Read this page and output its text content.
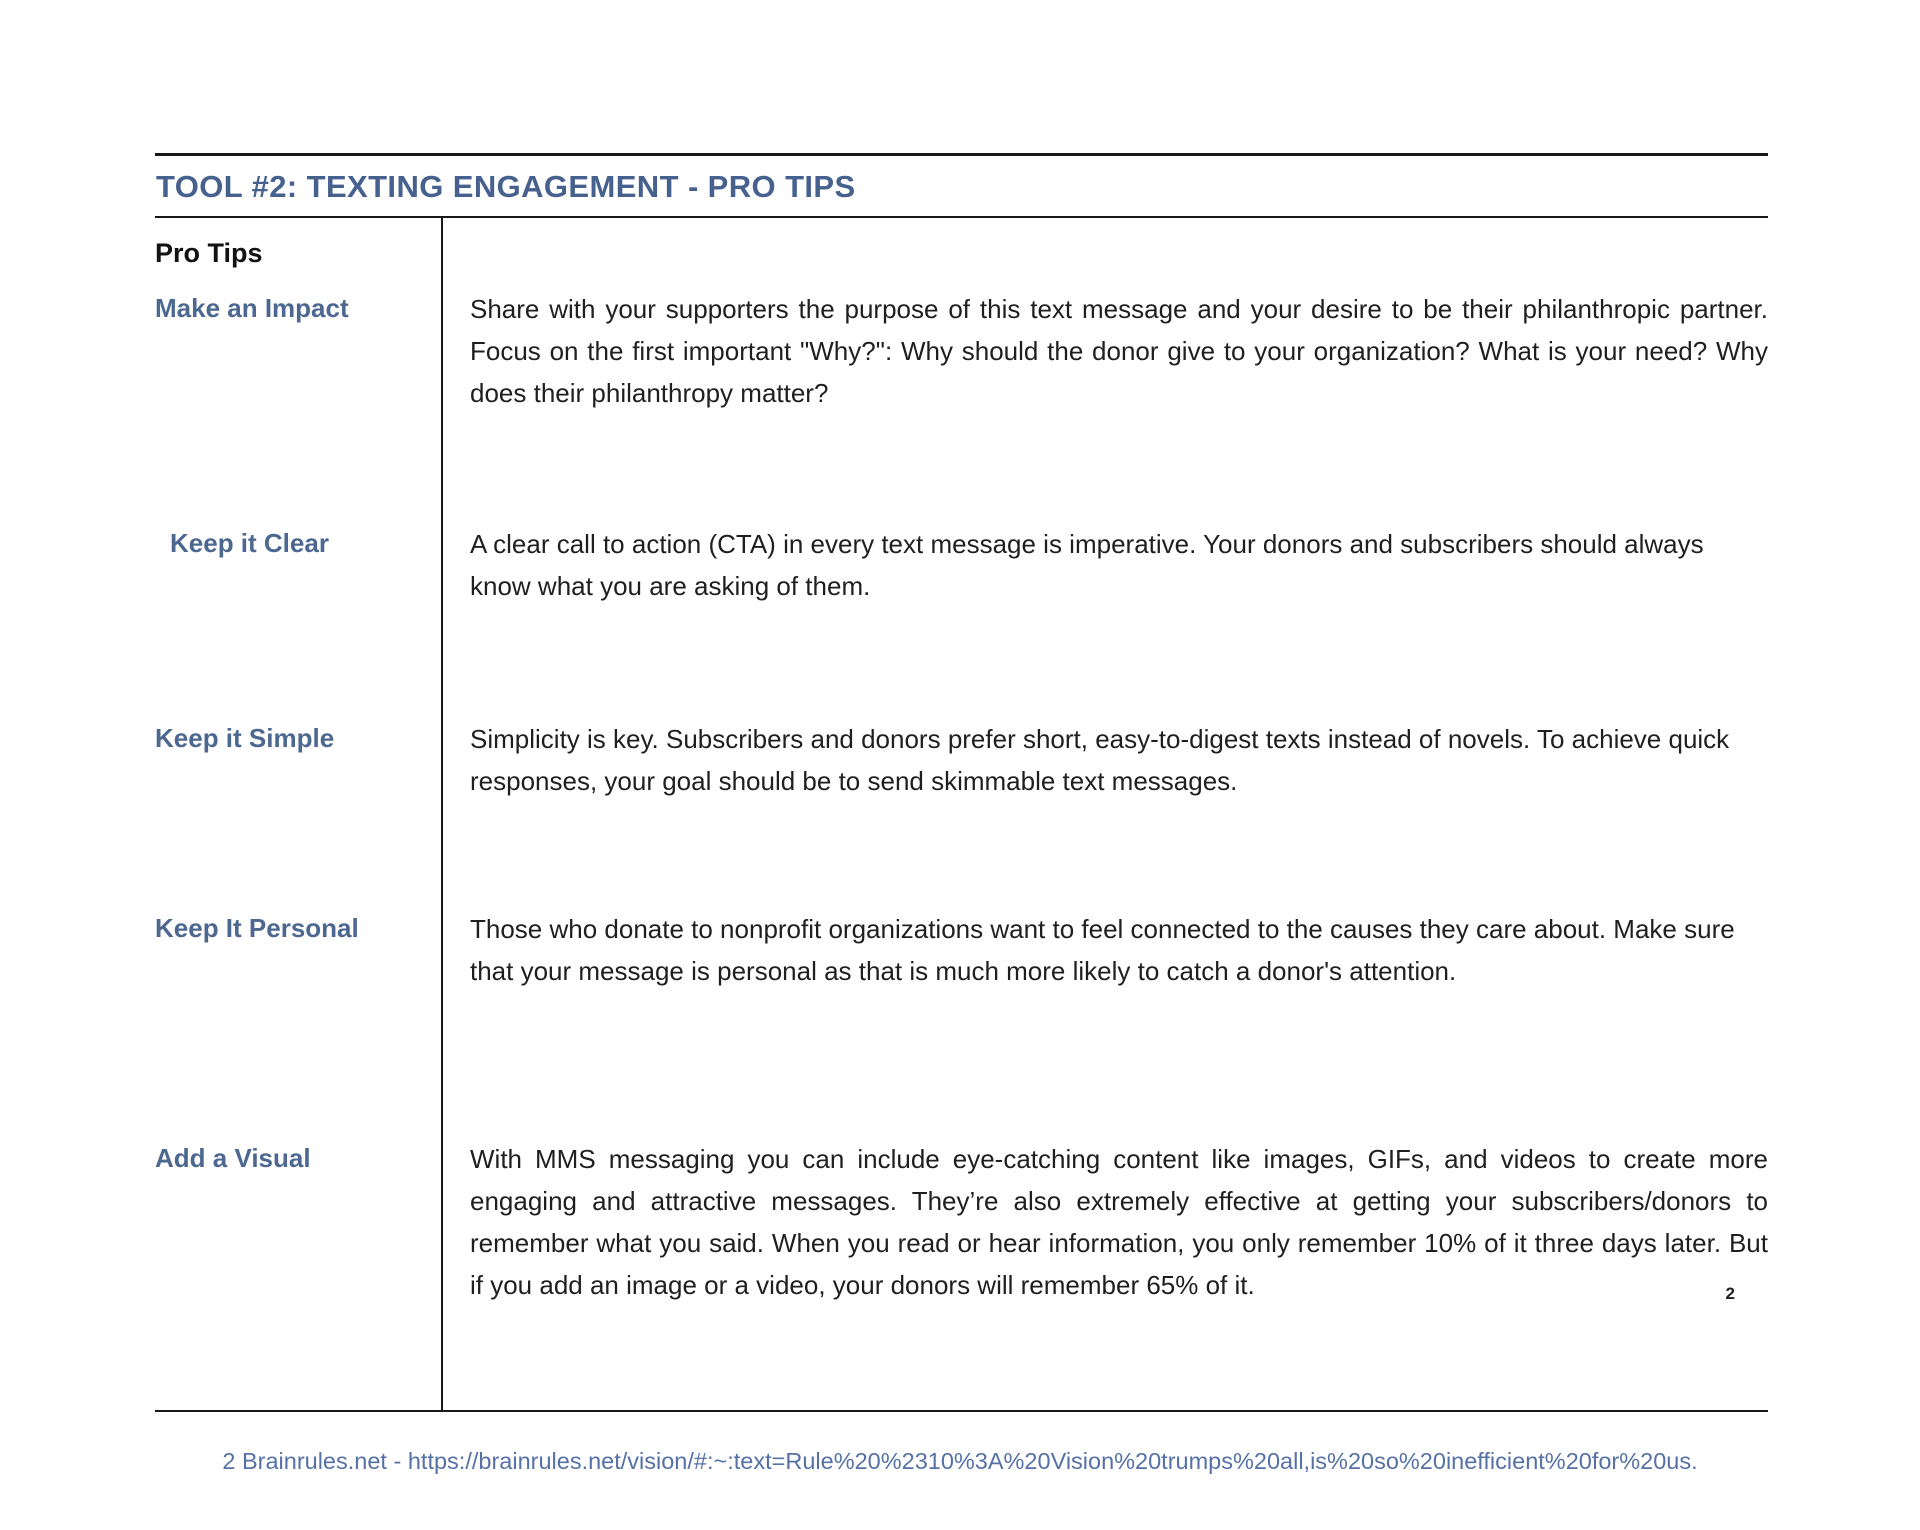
TOOL #2: TEXTING ENGAGEMENT - PRO TIPS
Pro Tips
Make an Impact	Share with your supporters the purpose of this text message and your desire to be their philanthropic partner. Focus on the first important "Why?": Why should the donor give to your organization? What is your need? Why does their philanthropy matter?

Keep it Clear	A clear call to action (CTA) in every text message is imperative. Your donors and subscribers should always know what you are asking of them.

Keep it Simple	Simplicity is key. Subscribers and donors prefer short, easy-to-digest texts instead of novels. To achieve quick responses, your goal should be to send skimmable text messages.

Keep It Personal	Those who donate to nonprofit organizations want to feel connected to the causes they care about. Make sure that your message is personal as that is much more likely to catch a donor's attention.

Add a Visual	With MMS messaging you can include eye-catching content like images, GIFs, and videos to create more engaging and attractive messages. They’re also extremely effective at getting your subscribers/donors to remember what you said. When you read or hear information, you only remember 10% of it three days later. But if you add an image or a video, your donors will remember 65% of it.	2
2 Brainrules.net - https://brainrules.net/vision/#:~:text=Rule%20%2310%3A%20Vision%20trumps%20all,is%20so%20inefficient%20for%20us.
